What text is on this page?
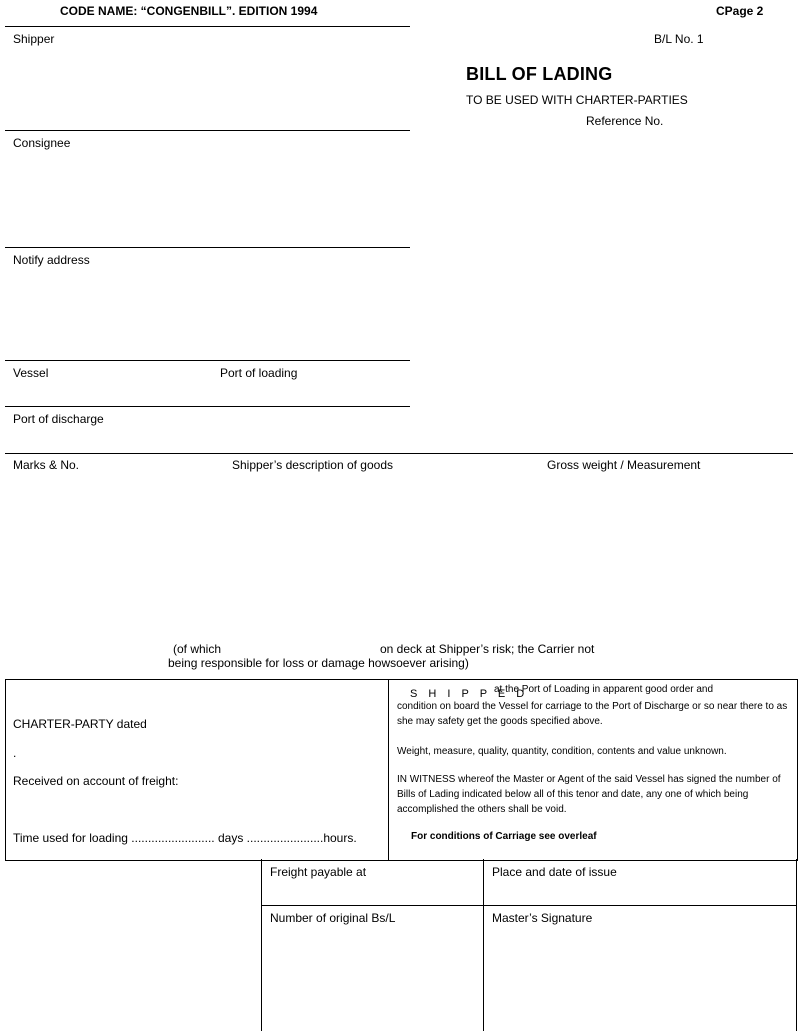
CODE NAME: “CONGENBILL”. EDITION 1994	CPage 2
B/L No. 1
BILL OF LADING
TO BE USED WITH CHARTER-PARTIES
Reference No.
Shipper
Consignee
Notify address
Vessel	Port of loading
Port of discharge
Marks & No.	Shipper’s description of goods	Gross weight / Measurement
(of which	on deck at Shipper’s risk; the Carrier not
being responsible for loss or damage howsoever arising)
CHARTER-PARTY dated
.
Received on account of freight:
Time used for loading ......................... days .......................hours.
S H I P P E D
at the Port of Loading in apparent good order and
condition on board the Vessel for carriage to the Port of Discharge or so near there to as she may safety get the goods specified above.
Weight, measure, quality, quantity, condition, contents and value unknown.
IN WITNESS whereof the Master or Agent of the said Vessel has signed the number of Bills of Lading indicated below all of this tenor and date, any one of which being accomplished the others shall be void.
For conditions of Carriage see overleaf
Freight payable at	Place and date of issue
Number of original Bs/L	Master’s Signature
